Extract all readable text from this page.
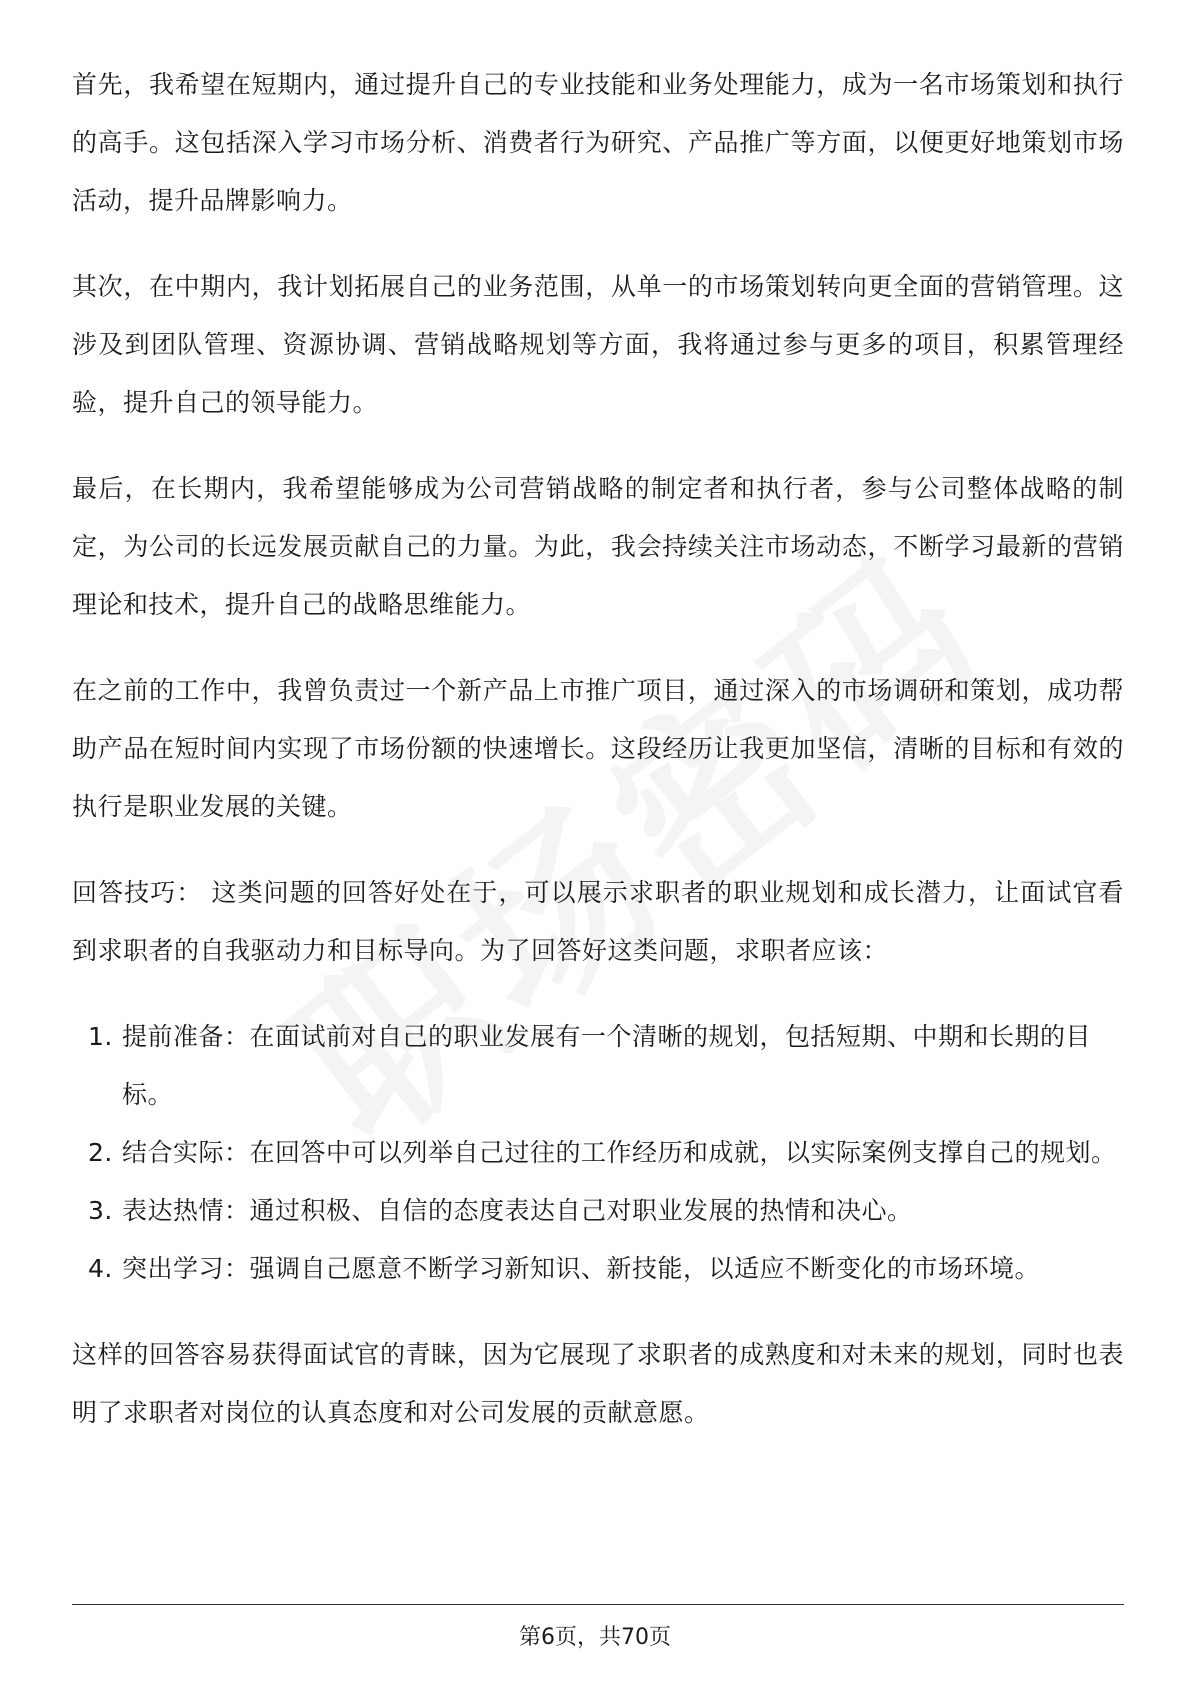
首先，我希望在短期内，通过提升自己的专业技能和业务处理能力，成为一名市场策划和执行的高手。这包括深入学习市场分析、消费者行为研究、产品推广等方面，以便更好地策划市场活动，提升品牌影响力。

其次，在中期内，我计划拓展自己的业务范围，从单一的市场策划转向更全面的营销管理。这涉及到团队管理、资源协调、营销战略规划等方面，我将通过参与更多的项目，积累管理经验，提升自己的领导能力。

最后，在长期内，我希望能够成为公司营销战略的制定者和执行者，参与公司整体战略的制定，为公司的长远发展贡献自己的力量。为此，我会持续关注市场动态，不断学习最新的营销理论和技术，提升自己的战略思维能力。

在之前的工作中，我曾负责过一个新产品上市推广项目，通过深入的市场调研和策划，成功帮助产品在短时间内实现了市场份额的快速增长。这段经历让我更加坚信，清晰的目标和有效的执行是职业发展的关键。

回答技巧： 这类问题的回答好处在于，可以展示求职者的职业规划和成长潜力，让面试官看到求职者的自我驱动力和目标导向。为了回答好这类问题，求职者应该：

1. 提前准备：在面试前对自己的职业发展有一个清晰的规划，包括短期、中期和长期的目标。
2. 结合实际：在回答中可以列举自己过往的工作经历和成就，以实际案例支撑自己的规划。
3. 表达热情：通过积极、自信的态度表达自己对职业发展的热情和决心。
4. 突出学习：强调自己愿意不断学习新知识、新技能，以适应不断变化的市场环境。

这样的回答容易获得面试官的青睐，因为它展现了求职者的成熟度和对未来的规划，同时也表明了求职者对岗位的认真态度和对公司发展的贡献意愿。

第6页，共70页
